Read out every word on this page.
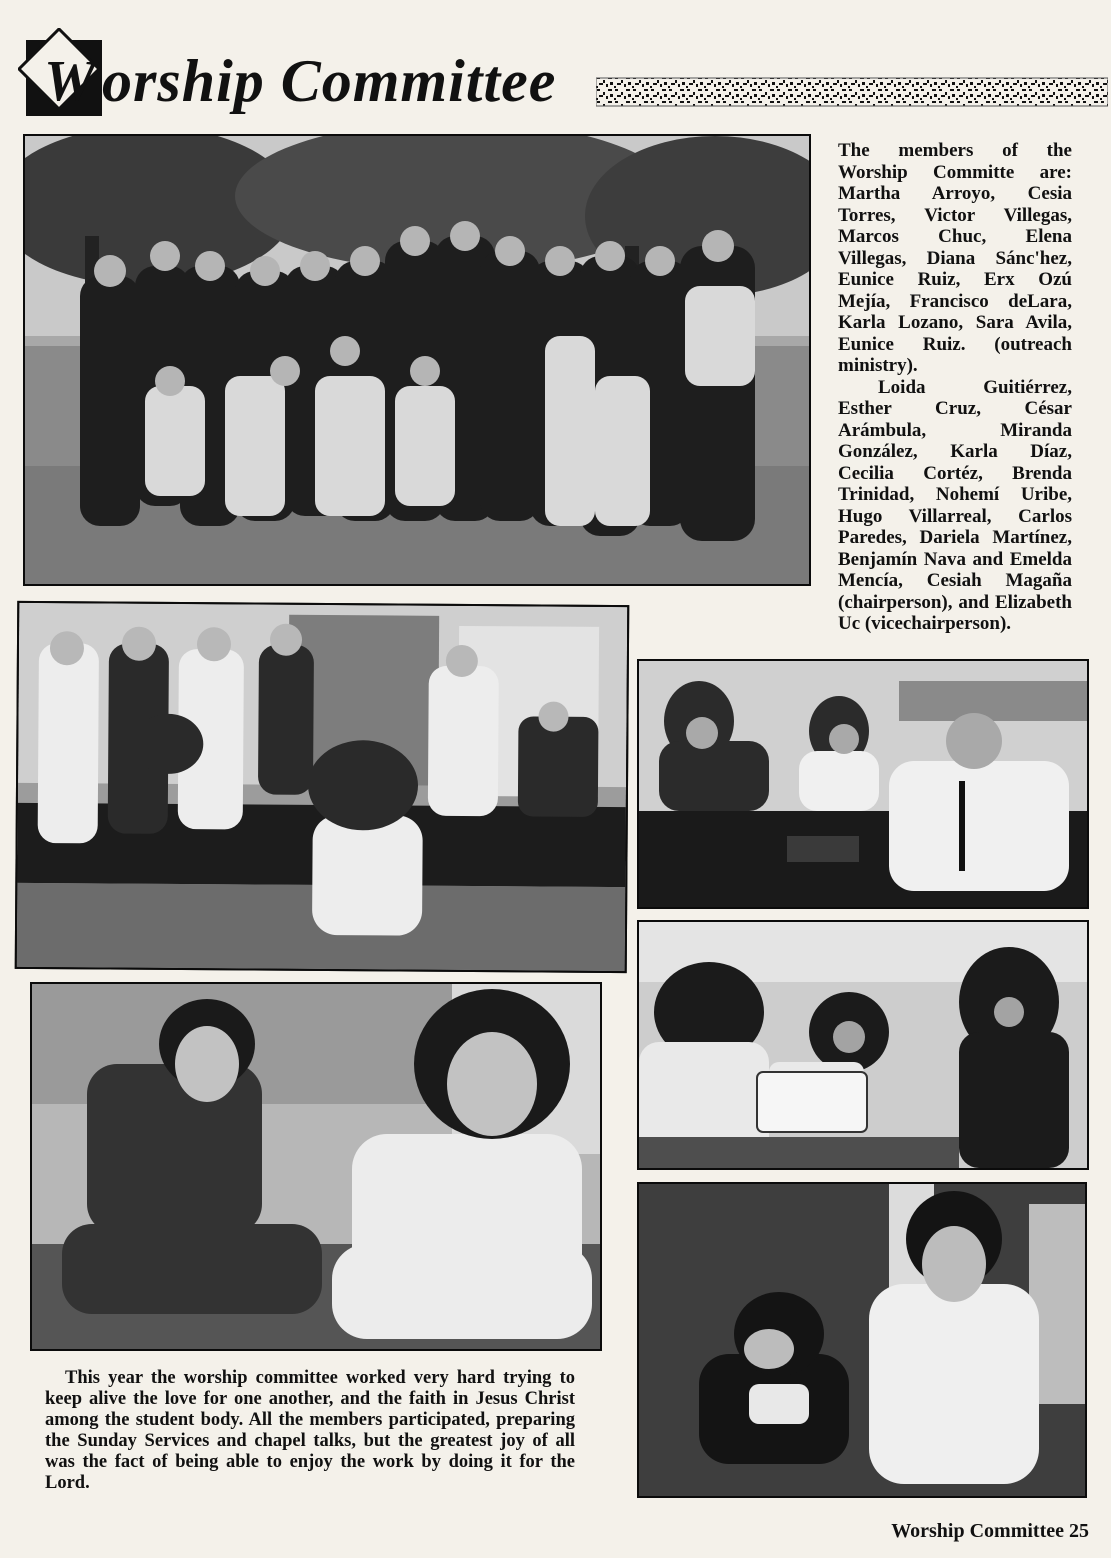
W orship Committee

The members of the Worship Committe are: Martha Arroyo, Cesia Torres, Victor Villegas, Marcos Chuc, Elena Villegas, Diana Sánc'hez, Eunice Ruiz, Erx Ozú Mejía, Francisco deLara, Karla Lozano, Sara Avila, Eunice Ruiz. (outreach ministry).

Loida Guitiérrez, Esther Cruz, César Arámbula, Miranda González, Karla Díaz, Cecilia Cortéz, Brenda Trinidad, Nohemí Uribe, Hugo Villarreal, Carlos Paredes, Dariela Martínez, Benjamín Nava and Emelda Mencía, Cesiah Magaña (chairperson), and Elizabeth Uc (vicechairperson).

This year the worship committee worked very hard trying to keep alive the love for one another, and the faith in Jesus Christ among the student body. All the members participated, preparing the Sunday Services and chapel talks, but the greatest joy of all was the fact of being able to enjoy the work by doing it for the Lord.
Worship Committee 25
